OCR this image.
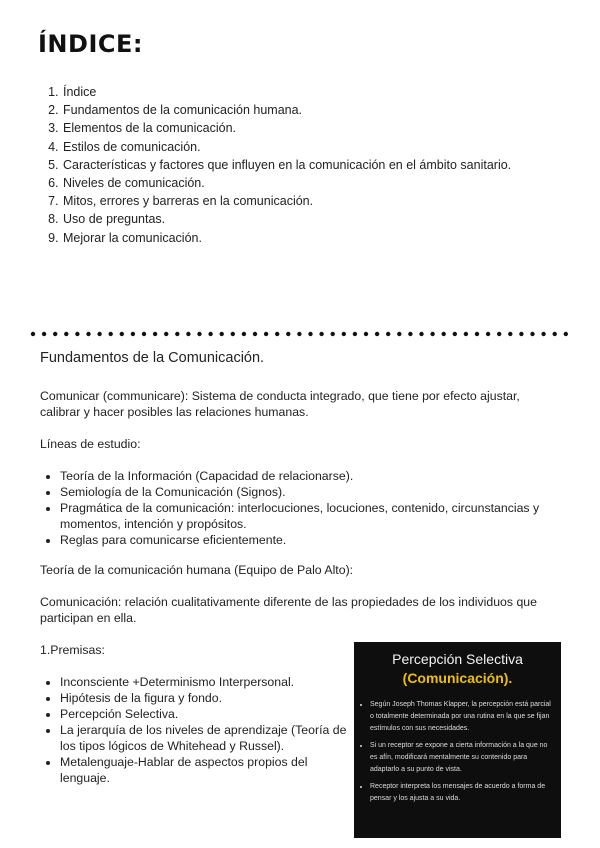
ÍNDICE:
1. Índice
2. Fundamentos de la comunicación humana.
3. Elementos de la comunicación.
4. Estilos de comunicación.
5. Características y factores que influyen en la comunicación en el ámbito sanitario.
6. Niveles de comunicación.
7. Mitos, errores y barreras en la comunicación.
8. Uso de preguntas.
9. Mejorar la comunicación.

Fundamentos de la Comunicación.

Comunicar (communicare): Sistema de conducta integrado, que tiene por efecto ajustar, calibrar y hacer posibles las relaciones humanas.

Líneas de estudio:

• Teoría de la Información (Capacidad de relacionarse).
• Semiología de la Comunicación (Signos).
• Pragmática de la comunicación: interlocuciones, locuciones, contenido, circunstancias y momentos, intención y propósitos.
• Reglas para comunicarse eficientemente.

Teoría de la comunicación humana (Equipo de Palo Alto):

Comunicación: relación cualitativamente diferente de las propiedades de los individuos que participan en ella.

1.Premisas:

• Inconsciente +Determinismo Interpersonal.
• Hipótesis de la figura y fondo.
• Percepción Selectiva.
• La jerarquía de los niveles de aprendizaje (Teoría de los tipos lógicos de Whitehead y Russel).
• Metalenguaje-Hablar de aspectos propios del lenguaje.
Percepción Selectiva
(Comunicación).
• Según Joseph Thomas Klapper, la percepción está parcial o totalmente determinada por una rutina en la que se fijan estímulos con sus necesidades.
• Si un receptor se expone a cierta información a la que no es afín, modificará mentalmente su contenido para adaptarlo a su punto de vista.
• Receptor interpreta los mensajes de acuerdo a forma de pensar y los ajusta a su vida.
